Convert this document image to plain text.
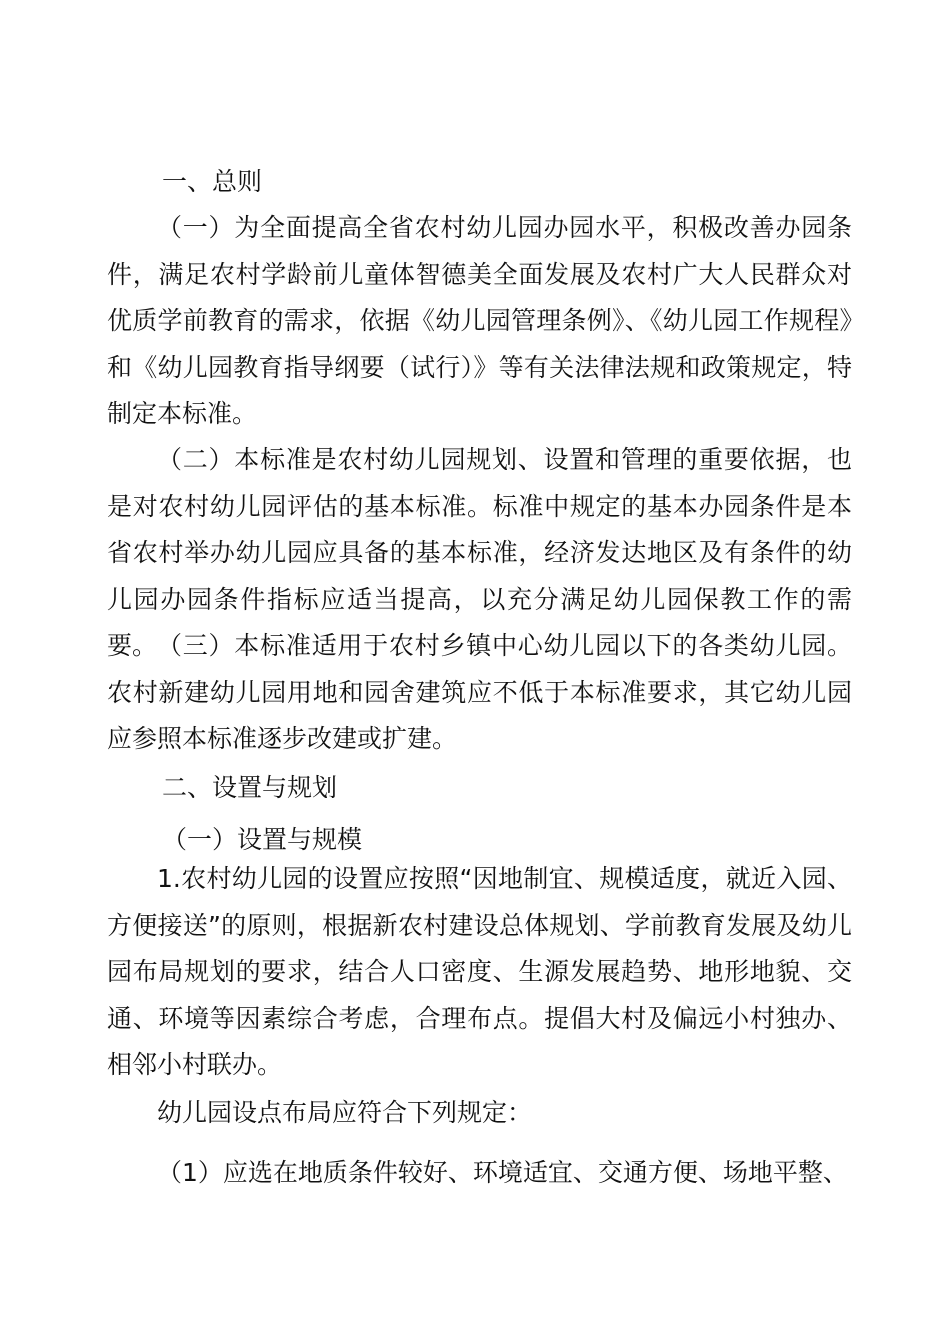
一、总则

（一）为全面提高全省农村幼儿园办园水平，积极改善办园条件，满足农村学龄前儿童体智德美全面发展及农村广大人民群众对优质学前教育的需求，依据《幼儿园管理条例》、《幼儿园工作规程》和《幼儿园教育指导纲要（试行）》等有关法律法规和政策规定，特制定本标准。

（二）本标准是农村幼儿园规划、设置和管理的重要依据，也是对农村幼儿园评估的基本标准。标准中规定的基本办园条件是本省农村举办幼儿园应具备的基本标准，经济发达地区及有条件的幼儿园办园条件指标应适当提高，以充分满足幼儿园保教工作的需要。 （三）本标准适用于农村乡镇中心幼儿园以下的各类幼儿园。农村新建幼儿园用地和园舍建筑应不低于本标准要求，其它幼儿园应参照本标准逐步改建或扩建。

二、设置与规划
（一）设置与规模

1.农村幼儿园的设置应按照“因地制宜、规模适度，就近入园、方便接送”的原则，根据新农村建设总体规划、学前教育发展及幼儿园布局规划的要求，结合人口密度、生源发展趋势、地形地貌、交通、环境等因素综合考虑，合理布点。提倡大村及偏远小村独办、相邻小村联办。

幼儿园设点布局应符合下列规定：

（1）应选在地质条件较好、环境适宜、交通方便、场地平整、
